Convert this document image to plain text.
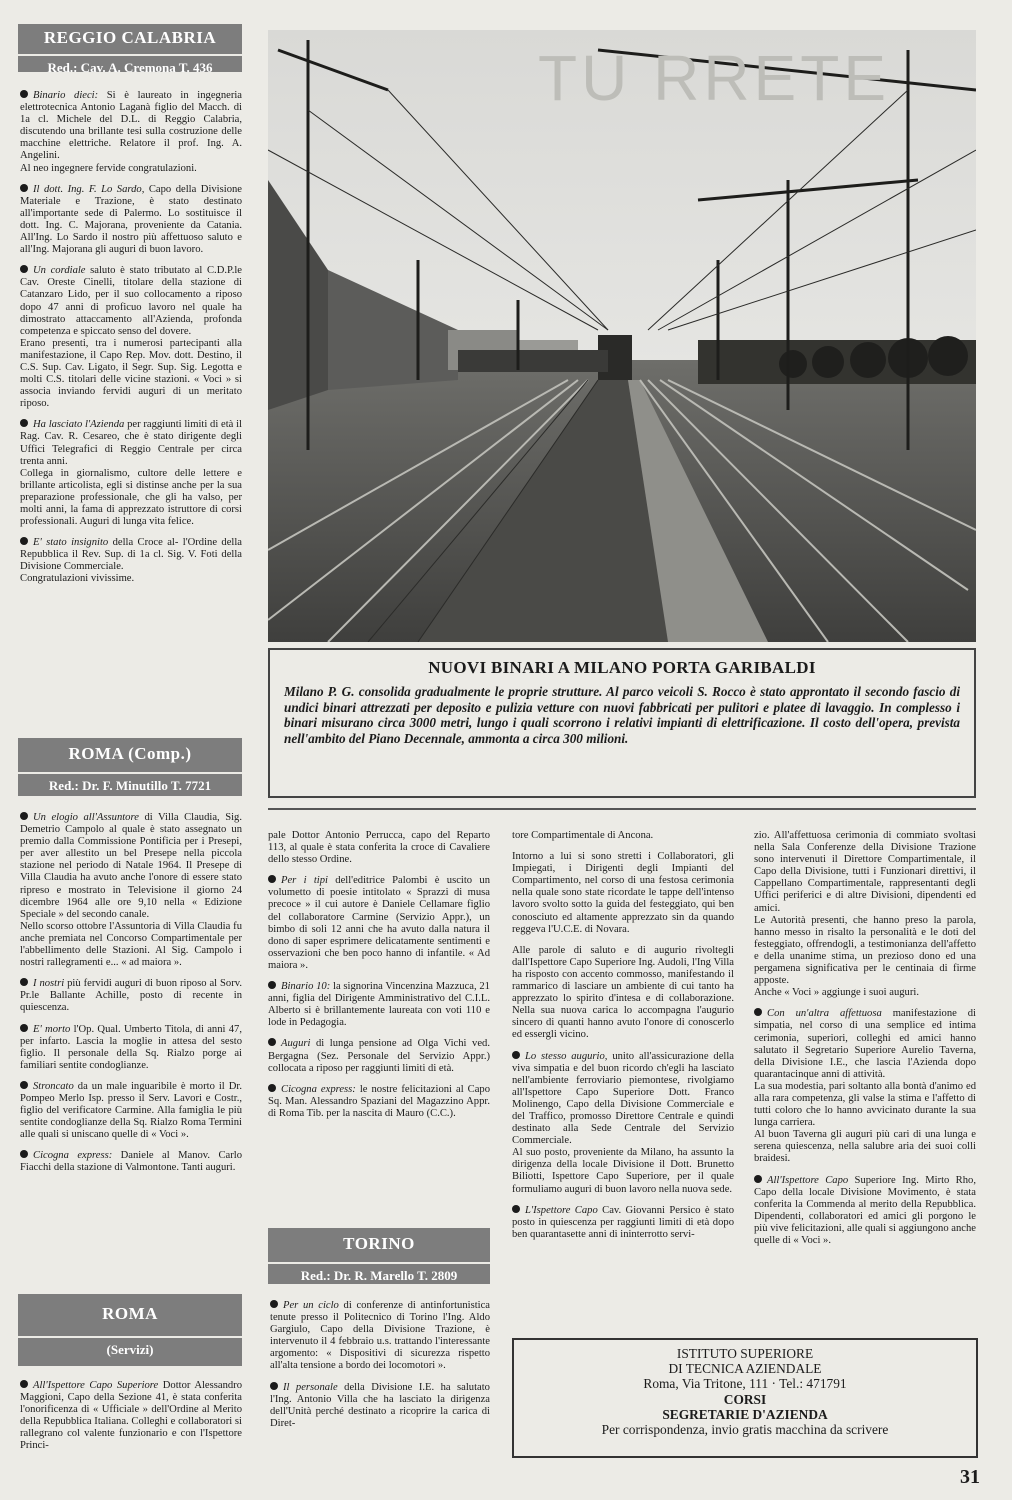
REGGIO CALABRIA
Red.: Cav. A. Cremona T. 436

Binario dieci: Si è laureato in ingegneria elettrotecnica Antonio Laganà figlio del Macch. di 1a cl. Michele del D.L. di Reggio Calabria, discutendo una brillante tesi sulla costruzione delle macchine elettriche. Relatore il prof. Ing. A. Angelini.

Al neo ingegnere fervide congratulazioni.

Il dott. Ing. F. Lo Sardo, Capo della Divisione Materiale e Trazione, è stato destinato all'importante sede di Palermo. Lo sostituisce il dott. Ing. C. Majorana, proveniente da Catania. All'Ing. Lo Sardo il nostro più affettuoso saluto e all'Ing. Majorana gli auguri di buon lavoro.

Un cordiale saluto è stato tributato al C.D.P.le Cav. Oreste Cinelli, titolare della stazione di Catanzaro Lido, per il suo collocamento a riposo dopo 47 anni di proficuo lavoro nel quale ha dimostrato attaccamento all'Azienda, profonda competenza e spiccato senso del dovere.

Erano presenti, tra i numerosi partecipanti alla manifestazione, il Capo Rep. Mov. dott. Destino, il C.S. Sup. Cav. Ligato, il Segr. Sup. Sig. Legotta e molti C.S. titolari delle vicine stazioni. « Voci » si associa inviando fervidi auguri di un meritato riposo.

Ha lasciato l'Azienda per raggiunti limiti di età il Rag. Cav. R. Cesareo, che è stato dirigente degli Uffici Telegrafici di Reggio Centrale per circa trenta anni.

Collega in giornalismo, cultore delle lettere e brillante articolista, egli si distinse anche per la sua preparazione professionale, che gli ha valso, per molti anni, la fama di apprezzato istruttore di corsi professionali. Auguri di lunga vita felice.

E' stato insignito della Croce al- l'Ordine della Repubblica il Rev. Sup. di 1a cl. Sig. V. Foti della Divisione Commerciale.

Congratulazioni vivissime.

ROMA (Comp.)
Red.: Dr. F. Minutillo T. 7721

Un elogio all'Assuntore di Villa Claudia, Sig. Demetrio Campolo al quale è stato assegnato un premio dalla Commissione Pontificia per i Presepi, per aver allestito un bel Presepe nella piccola stazione nel periodo di Natale 1964. Il Presepe di Villa Claudia ha avuto anche l'onore di essere stato ripreso e mostrato in Televisione il giorno 24 dicembre 1964 alle ore 9,10 nella « Edizione Speciale » del secondo canale.

Nello scorso ottobre l'Assuntoria di Villa Claudia fu anche premiata nel Concorso Compartimentale per l'abbellimento delle Stazioni. Al Sig. Campolo i nostri rallegramenti e... « ad maiora ».

I nostri più fervidi auguri di buon riposo al Sorv. Pr.le Ballante Achille, posto di recente in quiescenza.

E' morto l'Op. Qual. Umberto Titola, di anni 47, per infarto. Lascia la moglie in attesa del sesto figlio. Il personale della Sq. Rialzo porge ai familiari sentite condoglianze.

Stroncato da un male inguaribile è morto il Dr. Pompeo Merlo Isp. presso il Serv. Lavori e Costr., figlio del verificatore Carmine. Alla famiglia le più sentite condoglianze della Sq. Rialzo Roma Termini alle quali si uniscano quelle di « Voci ».

Cicogna express: Daniele al Manov. Carlo Fiacchi della stazione di Valmontone. Tanti auguri.

ROMA
(Servizi)

All'Ispettore Capo Superiore Dottor Alessandro Maggioni, Capo della Sezione 41, è stata conferita l'onorificenza di « Ufficiale » dell'Ordine al Merito della Repubblica Italiana. Colleghi e collaboratori si rallegrano col valente funzionario e con l'Ispettore Princi-

TU RRETE
NUOVI BINARI A MILANO PORTA GARIBALDI

Milano P. G. consolida gradualmente le proprie strutture. Al parco veicoli S. Rocco è stato approntato il secondo fascio di undici binari attrezzati per deposito e pulizia vetture con nuovi fabbricati per pulitori e platee di lavaggio. In complesso i binari misurano circa 3000 metri, lungo i quali scorrono i relativi impianti di elettrificazione. Il costo dell'opera, prevista nell'ambito del Piano Decennale, ammonta a circa 300 milioni.

pale Dottor Antonio Perrucca, capo del Reparto 113, al quale è stata conferita la croce di Cavaliere dello stesso Ordine.

Per i tipi dell'editrice Palombi è uscito un volumetto di poesie intitolato « Sprazzi di musa precoce » il cui autore è Daniele Cellamare figlio del collaboratore Carmine (Servizio Appr.), un bimbo di soli 12 anni che ha avuto dalla natura il dono di saper esprimere delicatamente sentimenti e osservazioni che ben poco hanno di infantile. « Ad maiora ».

Binario 10: la signorina Vincenzina Mazzuca, 21 anni, figlia del Dirigente Amministrativo del C.I.L. Alberto si è brillantemente laureata con voti 110 e lode in Pedagogia.

Auguri di lunga pensione ad Olga Vichi ved. Bergagna (Sez. Personale del Servizio Appr.) collocata a riposo per raggiunti limiti di età.

Cicogna express: le nostre felicitazioni al Capo Sq. Man. Alessandro Spaziani del Magazzino Appr. di Roma Tib. per la nascita di Mauro (C.C.).

TORINO
Red.: Dr. R. Marello T. 2809

Per un ciclo di conferenze di antinfortunistica tenute presso il Politecnico di Torino l'Ing. Aldo Gargiulo, Capo della Divisione Trazione, è intervenuto il 4 febbraio u.s. trattando l'interessante argomento: « Dispositivi di sicurezza rispetto all'alta tensione a bordo dei locomotori ».

Il personale della Divisione I.E. ha salutato l'Ing. Antonio Villa che ha lasciato la dirigenza dell'Unità perché destinato a ricoprire la carica di Diret-

tore Compartimentale di Ancona.

Intorno a lui si sono stretti i Collaboratori, gli Impiegati, i Dirigenti degli Impianti del Compartimento, nel corso di una festosa cerimonia nella quale sono state ricordate le tappe dell'intenso lavoro svolto sotto la guida del festeggiato, qui ben conosciuto ed altamente apprezzato sin da quando reggeva l'U.C.E. di Novara.

Alle parole di saluto e di augurio rivoltegli dall'Ispettore Capo Superiore Ing. Audoli, l'Ing Villa ha risposto con accento commosso, manifestando il rammarico di lasciare un ambiente di cui tanto ha apprezzato lo spirito d'intesa e di collaborazione. Nella sua nuova carica lo accompagna l'augurio sincero di quanti hanno avuto l'onore di conoscerlo ed essergli vicino.

Lo stesso augurio, unito all'assicurazione della viva simpatia e del buon ricordo ch'egli ha lasciato nell'ambiente ferroviario piemontese, rivolgiamo all'Ispettore Capo Superiore Dott. Franco Molinengo, Capo della Divisione Commerciale e del Traffico, promosso Direttore Centrale e quindi destinato alla Sede Centrale del Servizio Commerciale.

Al suo posto, proveniente da Milano, ha assunto la dirigenza della locale Divisione il Dott. Brunetto Biliotti, Ispettore Capo Superiore, per il quale formuliamo auguri di buon lavoro nella nuova sede.

L'Ispettore Capo Cav. Giovanni Persico è stato posto in quiescenza per raggiunti limiti di età dopo ben quarantasette anni di ininterrotto servi-

zio. All'affettuosa cerimonia di commiato svoltasi nella Sala Conferenze della Divisione Trazione sono intervenuti il Direttore Compartimentale, il Capo della Divisione, tutti i Funzionari direttivi, il Cappellano Compartimentale, rappresentanti degli Uffici periferici e di altre Divisioni, dipendenti ed amici.

Le Autorità presenti, che hanno preso la parola, hanno messo in risalto la personalità e le doti del festeggiato, offrendogli, a testimonianza dell'affetto e della unanime stima, un prezioso dono ed una pergamena significativa per le centinaia di firme apposte.

Anche « Voci » aggiunge i suoi auguri.

Con un'altra affettuosa manifestazione di simpatia, nel corso di una semplice ed intima cerimonia, superiori, colleghi ed amici hanno salutato il Segretario Superiore Aurelio Taverna, della Divisione I.E., che lascia l'Azienda dopo quarantacinque anni di attività.

La sua modestia, pari soltanto alla bontà d'animo ed alla rara competenza, gli valse la stima e l'affetto di tutti coloro che lo hanno avvicinato durante la sua lunga carriera.

Al buon Taverna gli auguri più cari di una lunga e serena quiescenza, nella salubre aria dei suoi colli braidesi.

All'Ispettore Capo Superiore Ing. Mirto Rho, Capo della locale Divisione Movimento, è stata conferita la Commenda al merito della Repubblica. Dipendenti, collaboratori ed amici gli porgono le più vive felicitazioni, alle quali si aggiungono anche quelle di « Voci ».

ISTITUTO SUPERIORE
DI TECNICA AZIENDALE
Roma, Via Tritone, 111 · Tel.: 471791
CORSI
SEGRETARIE D'AZIENDA
Per corrispondenza, invio gratis macchina da scrivere
31
